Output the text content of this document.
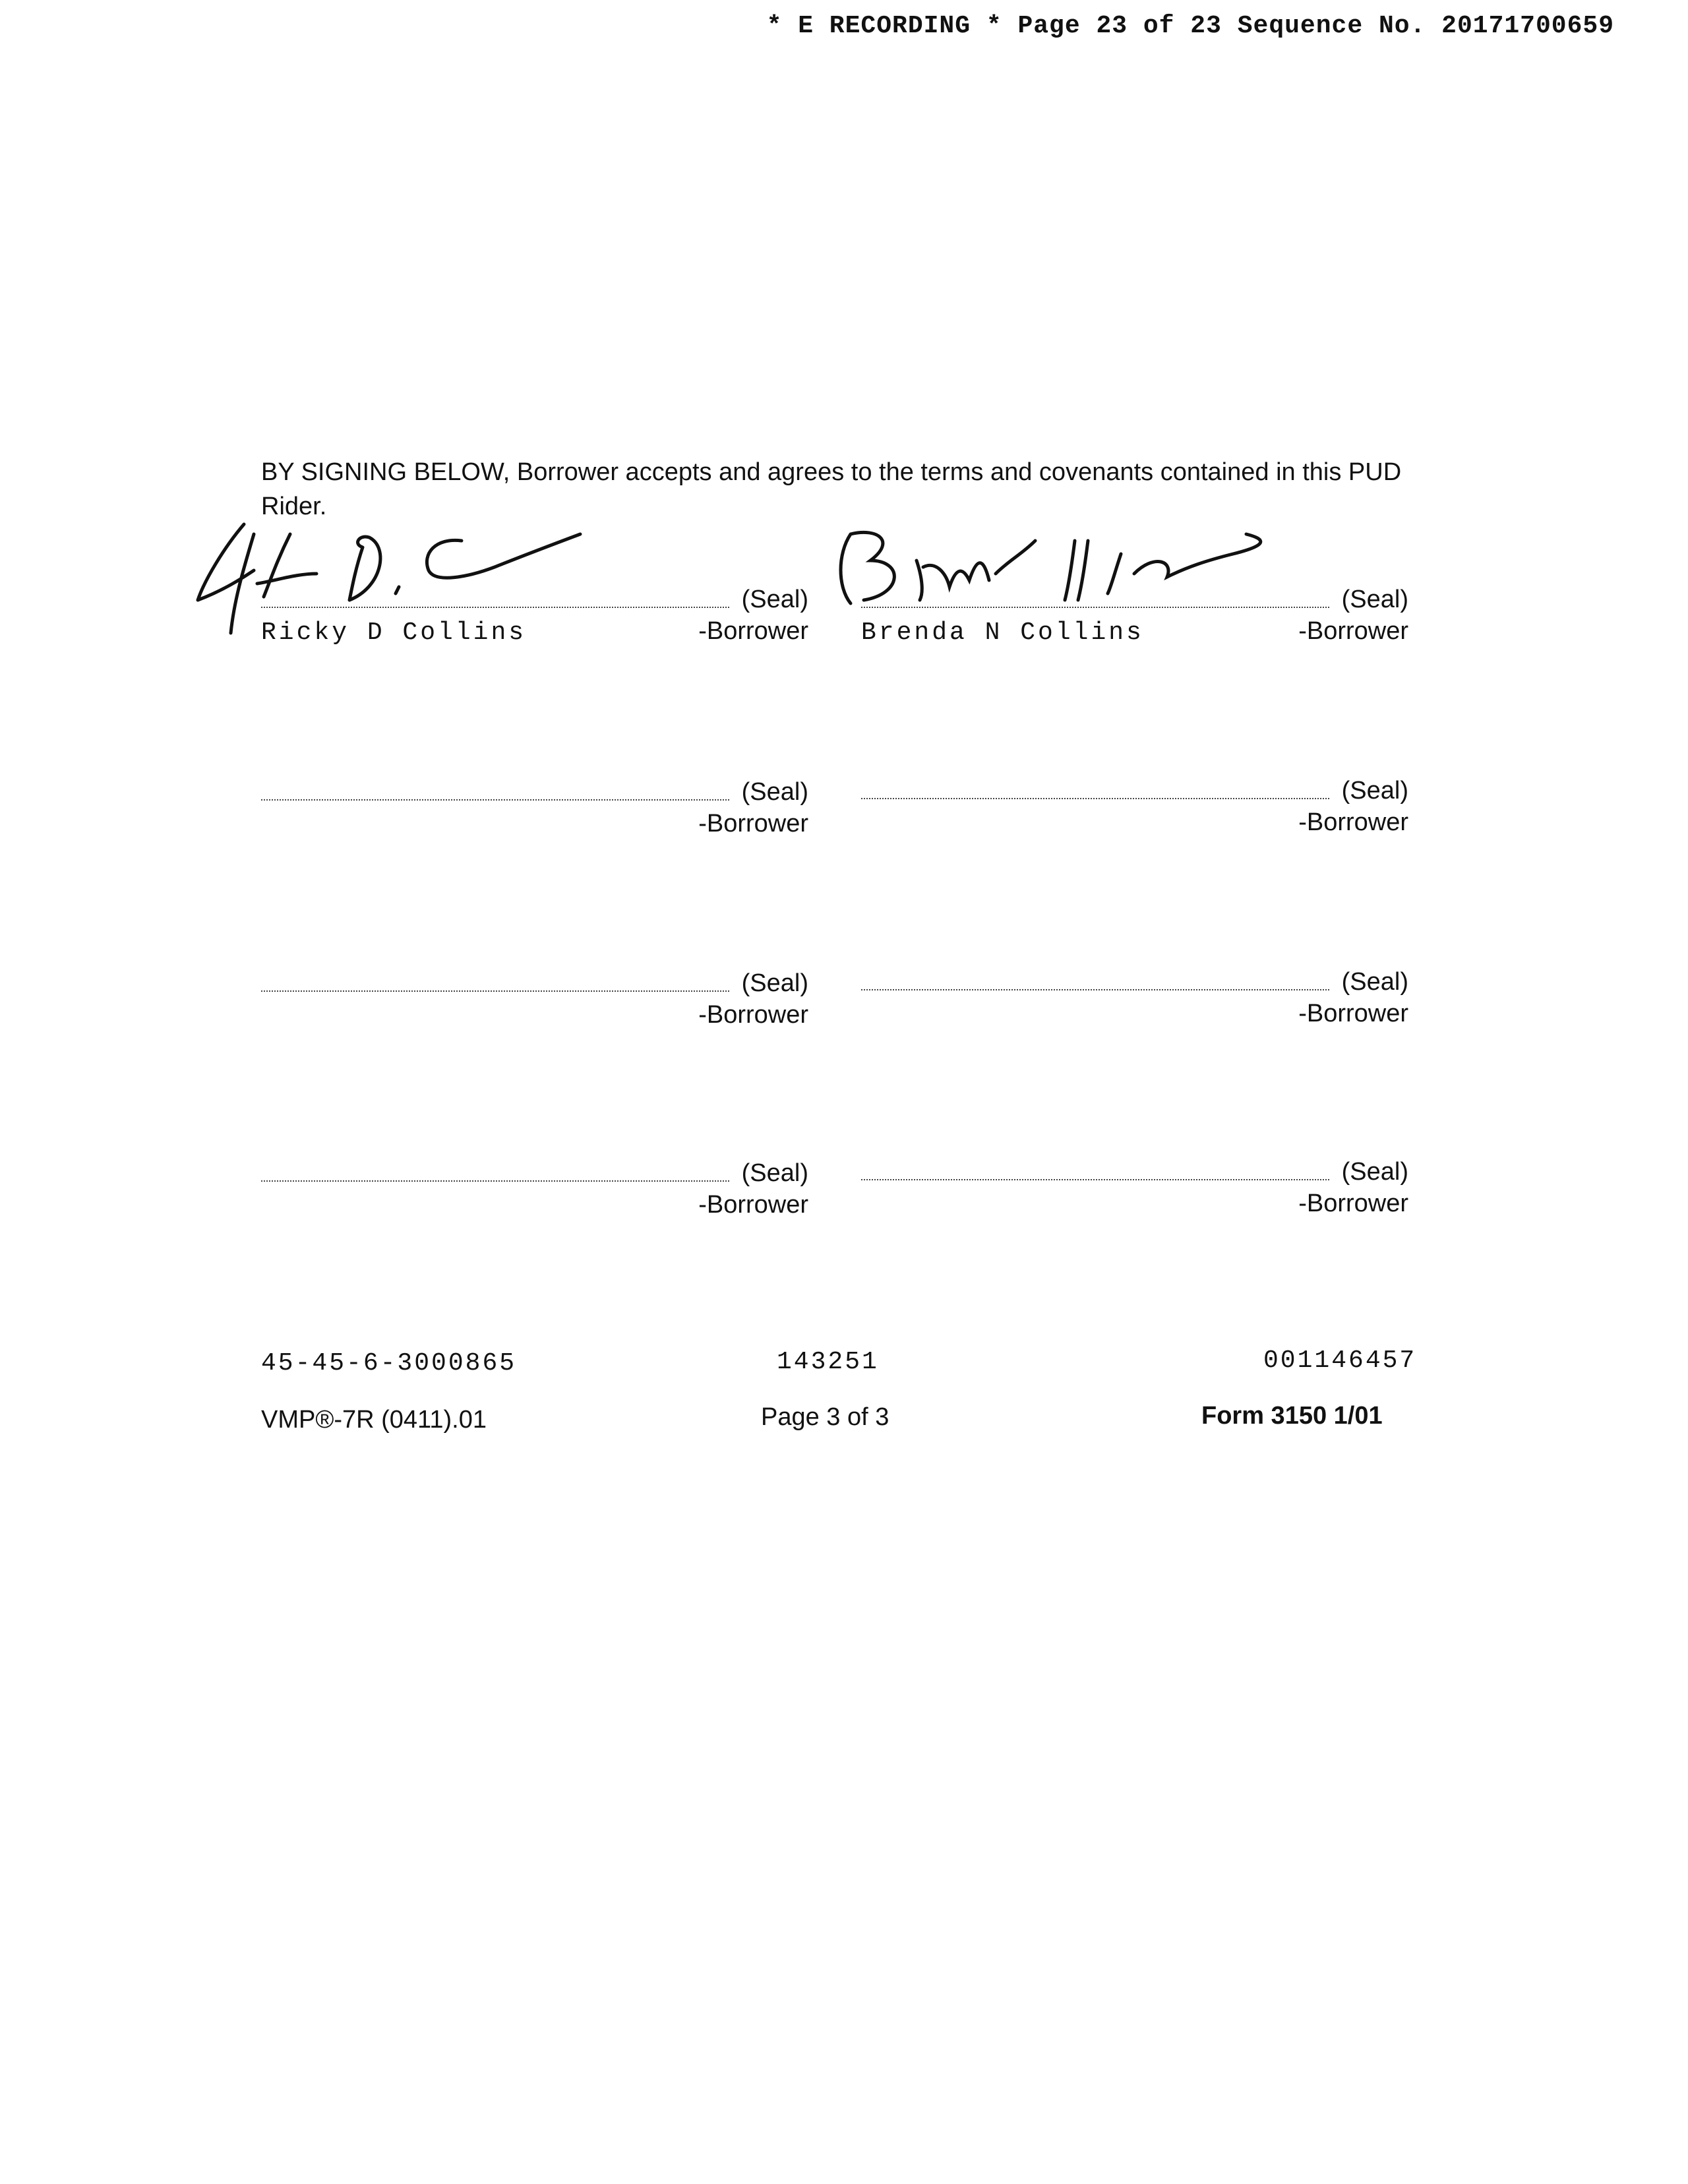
* E RECORDING * Page 23 of 23 Sequence No. 20171700659
BY SIGNING BELOW, Borrower accepts and agrees to the terms and covenants contained in this PUD Rider.
(Seal)
Ricky D Collins	-Borrower
(Seal)
Brenda N Collins	-Borrower
(Seal)
-Borrower
(Seal)
-Borrower
(Seal)
-Borrower
(Seal)
-Borrower
(Seal)
-Borrower
(Seal)
-Borrower
45-45-6-3000865	143251	001146457
VMP®-7R (0411).01	Page 3 of 3	Form 3150 1/01
